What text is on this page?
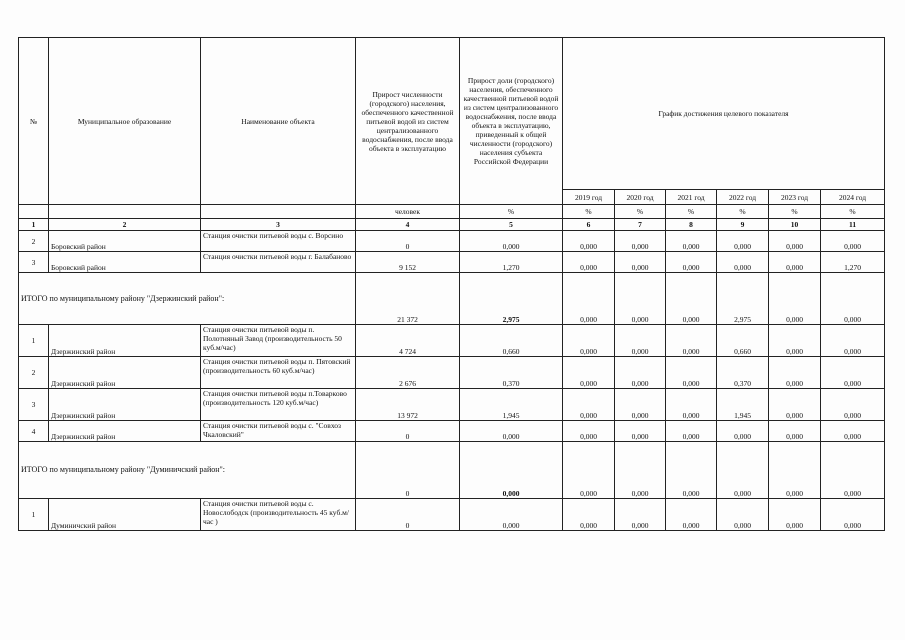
№	Муниципальное образование	Наименование объекта	Прирост численности (городского) населения, обеспеченного качественной питьевой водой из систем централизованного водоснабжения, после ввода объекта в эксплуатацию	Прирост доли (городского) населения, обеспеченного качественной питьевой водой из систем централизованного водоснабжения, после ввода объекта в эксплуатацию, приведенный к общей численности (городского) населения субъекта Российской Федерации	График достижения целевого показателя					
					2019 год	2020 год	2021 год	2022 год	2023 год	2024 год
			человек	%	%	%	%	%	%	%
1	2	3	4	5	6	7	8	9	10	11
2	Боровский район	Станция очистки питьевой воды с. Ворсино	0	0,000	0,000	0,000	0,000	0,000	0,000	0,000
3	Боровский район	Станция очистки питьевой воды г. Балабаново	9 152	1,270	0,000	0,000	0,000	0,000	0,000	1,270
ИТОГО по муниципальному району "Дзержинский район":			21 372	2,975	0,000	0,000	0,000	2,975	0,000	0,000
1	Дзержинский район	Станция очистки питьевой воды п. Полотняный Завод (производительность 50 куб.м/час)	4 724	0,660	0,000	0,000	0,000	0,660	0,000	0,000
2	Дзержинский район	Станция очистки питьевой воды п. Пятовский (производительность 60 куб.м/час)	2 676	0,370	0,000	0,000	0,000	0,370	0,000	0,000
3	Дзержинский район	Станция очистки питьевой воды п.Товарково (производительность 120 куб.м/час)	13 972	1,945	0,000	0,000	0,000	1,945	0,000	0,000
4	Дзержинский район	Станция очистки питьевой воды с. "Совхоз Чкаловский"	0	0,000	0,000	0,000	0,000	0,000	0,000	0,000
ИТОГО по муниципальному району "Думиничский район":			0	0,000	0,000	0,000	0,000	0,000	0,000	0,000
1	Думиничский район	Станция очистки питьевой воды с. Новослободск (производительность 45 куб.м/час )	0	0,000	0,000	0,000	0,000	0,000	0,000	0,000
